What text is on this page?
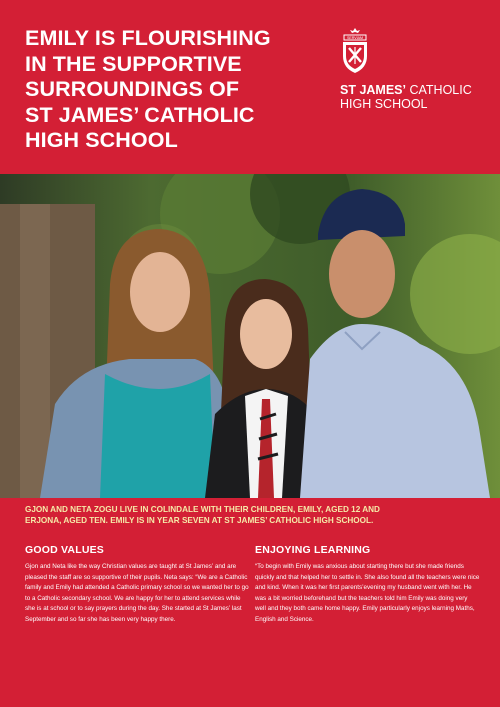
EMILY IS FLOURISHING
IN THE SUPPORTIVE
SURROUNDINGS OF
ST JAMES’ CATHOLIC
HIGH SCHOOL
SERVIAM
ST JAMES’ CATHOLIC
HIGH SCHOOL
GJON AND NETA ZOGU LIVE IN COLINDALE WITH THEIR CHILDREN, EMILY, AGED 12 AND
ERJONA, AGED TEN. EMILY IS IN YEAR SEVEN AT ST JAMES’ CATHOLIC HIGH SCHOOL.
GOOD VALUES

Gjon and Neta like the way Christian values are taught at St James’ and are pleased the staff are so supportive of their pupils. Neta says: “We are a Catholic family and Emily had attended a Catholic primary school so we wanted her to go to a Catholic secondary school. We are happy for her to attend services while she is at school or to say prayers during the day. She started at St James’ last September and so far she has been very happy there.

ENJOYING LEARNING

“To begin with Emily was anxious about starting there but she made friends quickly and that helped her to settle in. She also found all the teachers were nice and kind. When it was her first parents’evening my husband went with her. He was a bit worried beforehand but the teachers told him Emily was doing very well and they both came home happy. Emily particularly enjoys learning Maths, English and Science.
